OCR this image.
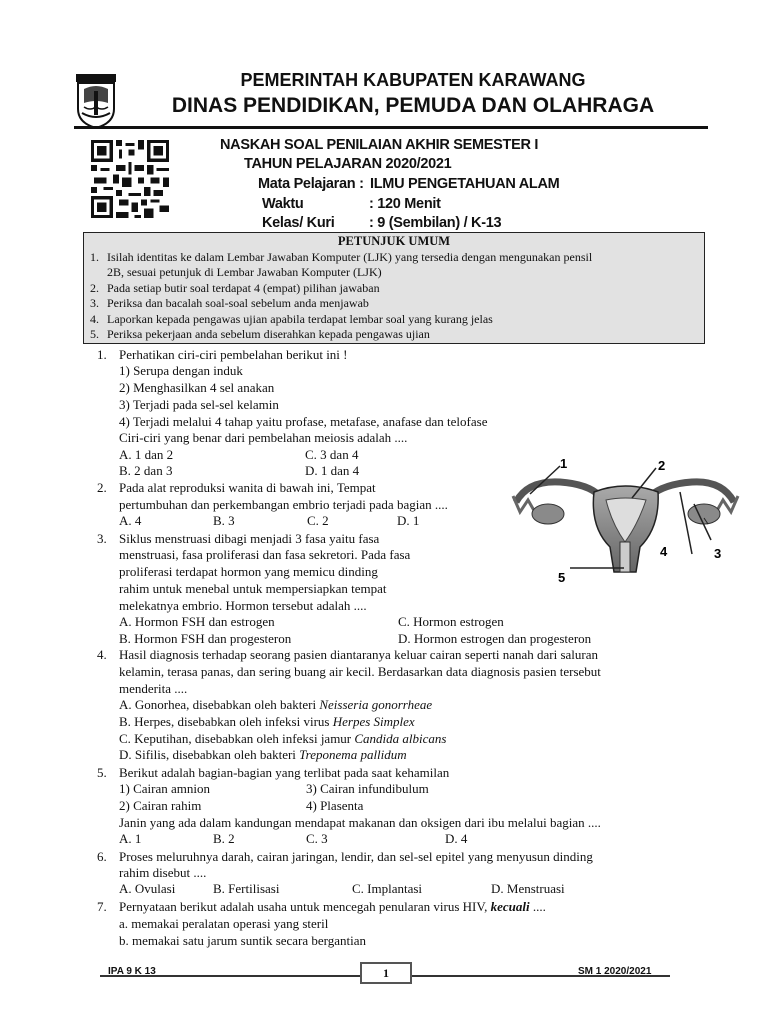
PEMERINTAH KABUPATEN KARAWANG
DINAS PENDIDIKAN, PEMUDA DAN OLAHRAGA
NASKAH SOAL PENILAIAN AKHIR SEMESTER I
TAHUN PELAJARAN 2020/2021
Mata Pelajaran : ILMU PENGETAHUAN ALAM
Waktu	: 120 Menit
Kelas/ Kuri : 9 (Sembilan) / K-13
PETUNJUK UMUM
1. Isilah identitas ke dalam Lembar Jawaban Komputer (LJK) yang tersedia dengan mengunakan pensil
2B, sesuai petunjuk di Lembar Jawaban Komputer (LJK)
2. Pada setiap butir soal terdapat 4 (empat) pilihan jawaban
3. Periksa dan bacalah soal-soal sebelum anda menjawab
4. Laporkan kepada pengawas ujian apabila terdapat lembar soal yang kurang jelas
5. Periksa pekerjaan anda sebelum diserahkan kepada pengawas ujian
1. Perhatikan ciri-ciri pembelahan berikut ini !
1) Serupa dengan induk
2) Menghasilkan 4 sel anakan
3) Terjadi pada sel-sel kelamin
4) Terjadi melalui 4 tahap yaitu profase, metafase, anafase dan telofase
Ciri-ciri yang benar dari pembelahan meiosis adalah ....
A. 1 dan 2	C. 3 dan 4
B. 2 dan 3	D. 1 dan 4
2. Pada alat reproduksi wanita di bawah ini, Tempat
pertumbuhan dan perkembangan embrio terjadi pada bagian ....
A. 4	B. 3	C. 2	D. 1
1	2
3
4
5
3. Siklus menstruasi dibagi menjadi 3 fasa yaitu fasa
menstruasi, fasa proliferasi dan fasa sekretori. Pada fasa
proliferasi terdapat hormon yang memicu dinding
rahim untuk menebal untuk mempersiapkan tempat
melekatnya embrio. Hormon tersebut adalah ....
A. Hormon FSH dan estrogen	C. Hormon estrogen
B. Hormon FSH dan progesteron	D. Hormon estrogen dan progesteron
4. Hasil diagnosis terhadap seorang pasien diantaranya keluar cairan seperti nanah dari saluran
kelamin, terasa panas, dan sering buang air kecil. Berdasarkan data diagnosis pasien tersebut
menderita ....
A. Gonorhea, disebabkan oleh bakteri Neisseria gonorrheae
B. Herpes, disebabkan oleh infeksi virus Herpes Simplex
C. Keputihan, disebabkan oleh infeksi jamur Candida albicans
D. Sifilis, disebabkan oleh bakteri Treponema pallidum
5. Berikut adalah bagian-bagian yang terlibat pada saat kehamilan
1) Cairan amnion	3) Cairan infundibulum
2) Cairan rahim	4) Plasenta
Janin yang ada dalam kandungan mendapat makanan dan oksigen dari ibu melalui bagian ....
A. 1	B. 2	C. 3	D. 4
6. Proses meluruhnya darah, cairan jaringan, lendir, dan sel-sel epitel yang menyusun dinding
rahim disebut ....
A. Ovulasi	B. Fertilisasi	C. Implantasi	D. Menstruasi
7. Pernyataan berikut adalah usaha untuk mencegah penularan virus HIV, kecuali ....
a. memakai peralatan operasi yang steril
b. memakai satu jarum suntik secara bergantian
IPA 9 K 13	1	SM 1 2020/2021
